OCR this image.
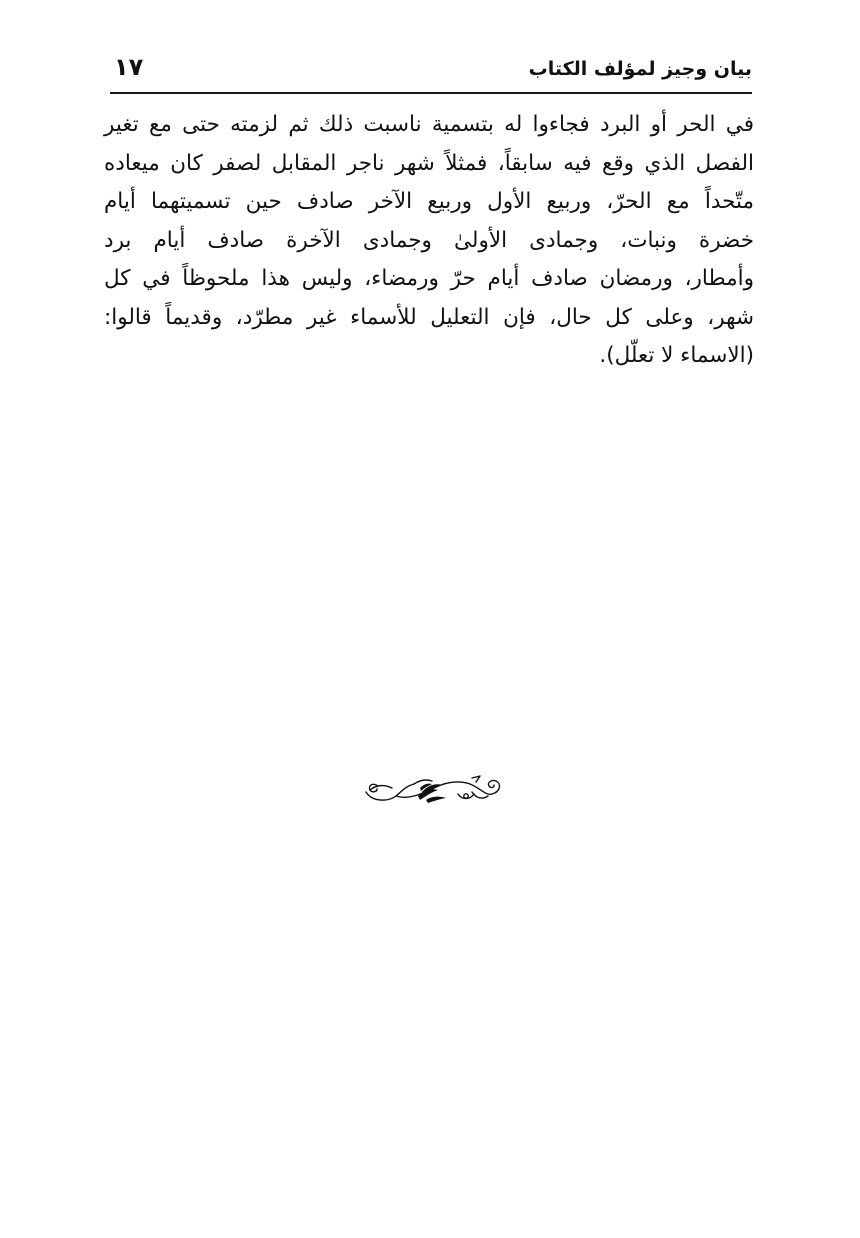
بيان وجيز لمؤلف الكتاب
١٧
في الحر أو البرد فجاءوا له بتسمية ناسبت ذلك ثم لزمته حتى مع تغير
الفصل الذي وقع فيه سابقاً، فمثلاً شهر ناجر المقابل لصفر كان ميعاده
متّحداً مع الحرّ، وربيع الأول وربيع الآخر صادف حين تسميتهما أيام
خضرة ونبات، وجمادى الأولىٰ وجمادى الآخرة صادف أيام برد
وأمطار، ورمضان صادف أيام حرّ ورمضاء، وليس هذا ملحوظاً في كل
شهر، وعلى كل حال، فإن التعليل للأسماء غير مطرّد، وقديماً قالوا:
(الاسماء لا تعلّل).
